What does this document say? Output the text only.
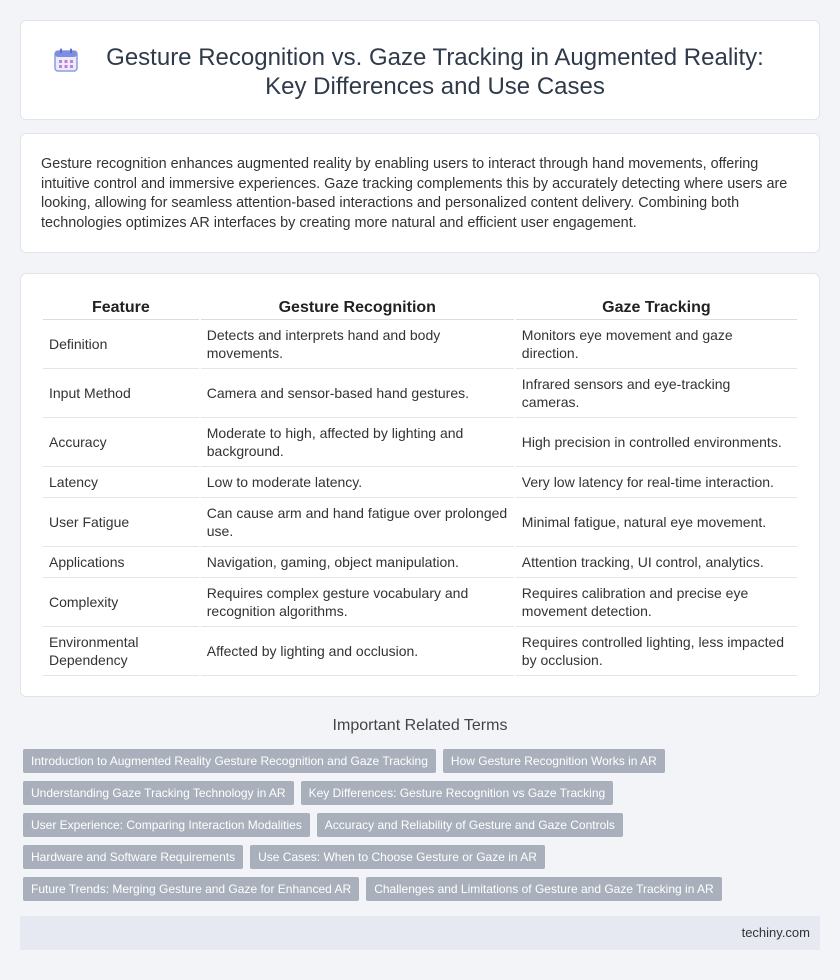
Gesture Recognition vs. Gaze Tracking in Augmented Reality: Key Differences and Use Cases

Gesture recognition enhances augmented reality by enabling users to interact through hand movements, offering intuitive control and immersive experiences. Gaze tracking complements this by accurately detecting where users are looking, allowing for seamless attention-based interactions and personalized content delivery. Combining both technologies optimizes AR interfaces by creating more natural and efficient user engagement.

Feature	Gesture Recognition	Gaze Tracking
Definition	Detects and interprets hand and body movements.	Monitors eye movement and gaze direction.
Input Method	Camera and sensor-based hand gestures.	Infrared sensors and eye-tracking cameras.
Accuracy	Moderate to high, affected by lighting and background.	High precision in controlled environments.
Latency	Low to moderate latency.	Very low latency for real-time interaction.
User Fatigue	Can cause arm and hand fatigue over prolonged use.	Minimal fatigue, natural eye movement.
Applications	Navigation, gaming, object manipulation.	Attention tracking, UI control, analytics.
Complexity	Requires complex gesture vocabulary and recognition algorithms.	Requires calibration and precise eye movement detection.
Environmental Dependency	Affected by lighting and occlusion.	Requires controlled lighting, less impacted by occlusion.
Important Related Terms
Introduction to Augmented Reality Gesture Recognition and Gaze Tracking	How Gesture Recognition Works in AR
Understanding Gaze Tracking Technology in AR	Key Differences: Gesture Recognition vs Gaze Tracking
User Experience: Comparing Interaction Modalities	Accuracy and Reliability of Gesture and Gaze Controls
Hardware and Software Requirements	Use Cases: When to Choose Gesture or Gaze in AR
Future Trends: Merging Gesture and Gaze for Enhanced AR	Challenges and Limitations of Gesture and Gaze Tracking in AR
techiny.com
